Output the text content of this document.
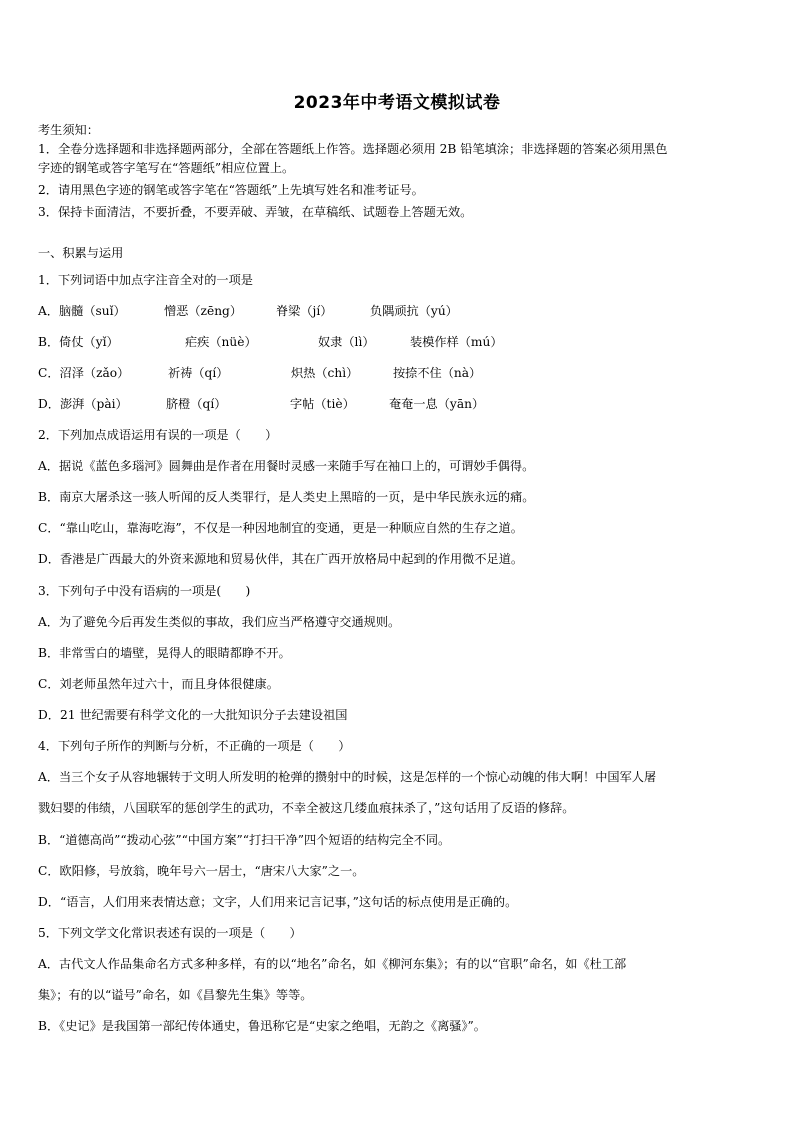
2023年中考语文模拟试卷
考生须知：
1．全卷分选择题和非选择题两部分，全部在答题纸上作答。选择题必须用 2B 铅笔填涂；非选择题的答案必须用黑色
字迹的钢笔或答字笔写在“答题纸”相应位置上。
2．请用黑色字迹的钢笔或答字笔在“答题纸”上先填写姓名和准考证号。
3．保持卡面清洁，不要折叠，不要弄破、弄皱，在草稿纸、试题卷上答题无效。
一、积累与运用
1．下列词语中加点字注音全对的一项是
A．脑髓（suǐ）	憎恶（zēng）	脊梁（jí）	负隅顽抗（yú）
B．倚仗（yǐ）	疟疾（nüè）	奴隶（lì）	装模作样（mú）
C．沼泽（zǎo）	祈祷（qí）	炽热（chì）	按捺不住（nà）
D．澎湃（pài）	脐橙（qí）	字帖（tiè）	奄奄一息（yān）
2．下列加点成语运用有误的一项是（　　）
A．据说《蓝色多瑙河》圆舞曲是作者在用餐时灵感一来随手写在袖口上的，可谓妙手偶得。
B．南京大屠杀这一骇人听闻的反人类罪行，是人类史上黑暗的一页，是中华民族永远的痛。
C．“靠山吃山，靠海吃海”，不仅是一种因地制宜的变通，更是一种顺应自然的生存之道。
D．香港是广西最大的外资来源地和贸易伙伴，其在广西开放格局中起到的作用微不足道。
3．下列句子中没有语病的一项是(　　)
A．为了避免今后再发生类似的事故，我们应当严格遵守交通规则。
B．非常雪白的墙壁，晃得人的眼睛都睁不开。
C．刘老师虽然年过六十，而且身体很健康。
D．21 世纪需要有科学文化的一大批知识分子去建设祖国
4．下列句子所作的判断与分析，不正确的一项是（　　）
A．当三个女子从容地辗转于文明人所发明的枪弹的攒射中的时候，这是怎样的一个惊心动魄的伟大啊！中国军人屠
戮妇婴的伟绩，八国联军的惩创学生的武功，不幸全被这几缕血痕抹杀了，”这句话用了反语的修辞。
B．“道德高尚”“拨动心弦”“中国方案”“打扫干净”四个短语的结构完全不同。
C．欧阳修，号放翁，晚年号六一居士，“唐宋八大家”之一。
D．“语言，人们用来表情达意；文字，人们用来记言记事，”这句话的标点使用是正确的。
5．下列文学文化常识表述有误的一项是（　　）
A．古代文人作品集命名方式多种多样，有的以“地名”命名，如《柳河东集》；有的以“官职”命名，如《杜工部
集》；有的以“谥号”命名，如《昌黎先生集》等等。
B．《史记》是我国第一部纪传体通史，鲁迅称它是“史家之绝唱，无韵之《离骚》”。
